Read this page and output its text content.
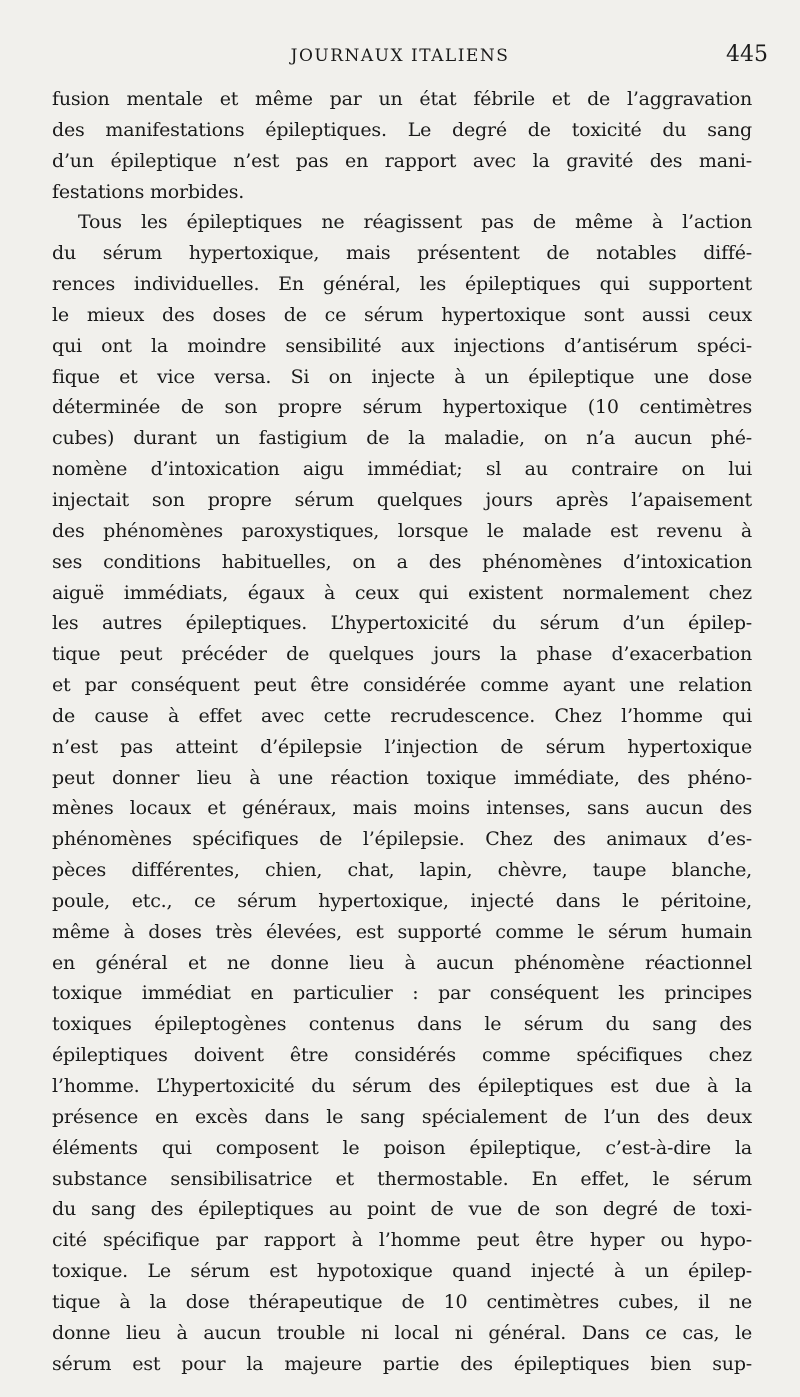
JOURNAUX ITALIENS	445
fusion mentale et même par un état fébrile et de l’aggravation
des manifestations épileptiques. Le degré de toxicité du sang
d’un épileptique n’est pas en rapport avec la gravité des mani-
festations morbides.
Tous les épileptiques ne réagissent pas de même à l’action
du sérum hypertoxique, mais présentent de notables diffé-
rences individuelles. En général, les épileptiques qui supportent
le mieux des doses de ce sérum hypertoxique sont aussi ceux
qui ont la moindre sensibilité aux injections d’antisérum spéci-
fique et vice versa. Si on injecte à un épileptique une dose
déterminée de son propre sérum hypertoxique (10 centimètres
cubes) durant un fastigium de la maladie, on n’a aucun phé-
nomène d’intoxication aigu immédiat; sl au contraire on lui
injectait son propre sérum quelques jours après l’apaisement
des phénomènes paroxystiques, lorsque le malade est revenu à
ses conditions habituelles, on a des phénomènes d’intoxication
aiguë immédiats, égaux à ceux qui existent normalement chez
les autres épileptiques. L’hypertoxicité du sérum d’un épilep-
tique peut précéder de quelques jours la phase d’exacerbation
et par conséquent peut être considérée comme ayant une relation
de cause à effet avec cette recrudescence. Chez l’homme qui
n’est pas atteint d’épilepsie l’injection de sérum hypertoxique
peut donner lieu à une réaction toxique immédiate, des phéno-
mènes locaux et généraux, mais moins intenses, sans aucun des
phénomènes spécifiques de l’épilepsie. Chez des animaux d’es-
pèces différentes, chien, chat, lapin, chèvre, taupe blanche,
poule, etc., ce sérum hypertoxique, injecté dans le péritoine,
même à doses très élevées, est supporté comme le sérum humain
en général et ne donne lieu à aucun phénomène réactionnel
toxique immédiat en particulier : par conséquent les principes
toxiques épileptogènes contenus dans le sérum du sang des
épileptiques doivent être considérés comme spécifiques chez
l’homme. L’hypertoxicité du sérum des épileptiques est due à la
présence en excès dans le sang spécialement de l’un des deux
éléments qui composent le poison épileptique, c’est-à-dire la
substance sensibilisatrice et thermostable. En effet, le sérum
du sang des épileptiques au point de vue de son degré de toxi-
cité spécifique par rapport à l’homme peut être hyper ou hypo-
toxique. Le sérum est hypotoxique quand injecté à un épilep-
tique à la dose thérapeutique de 10 centimètres cubes, il ne
donne lieu à aucun trouble ni local ni général. Dans ce cas, le
sérum est pour la majeure partie des épileptiques bien sup-
